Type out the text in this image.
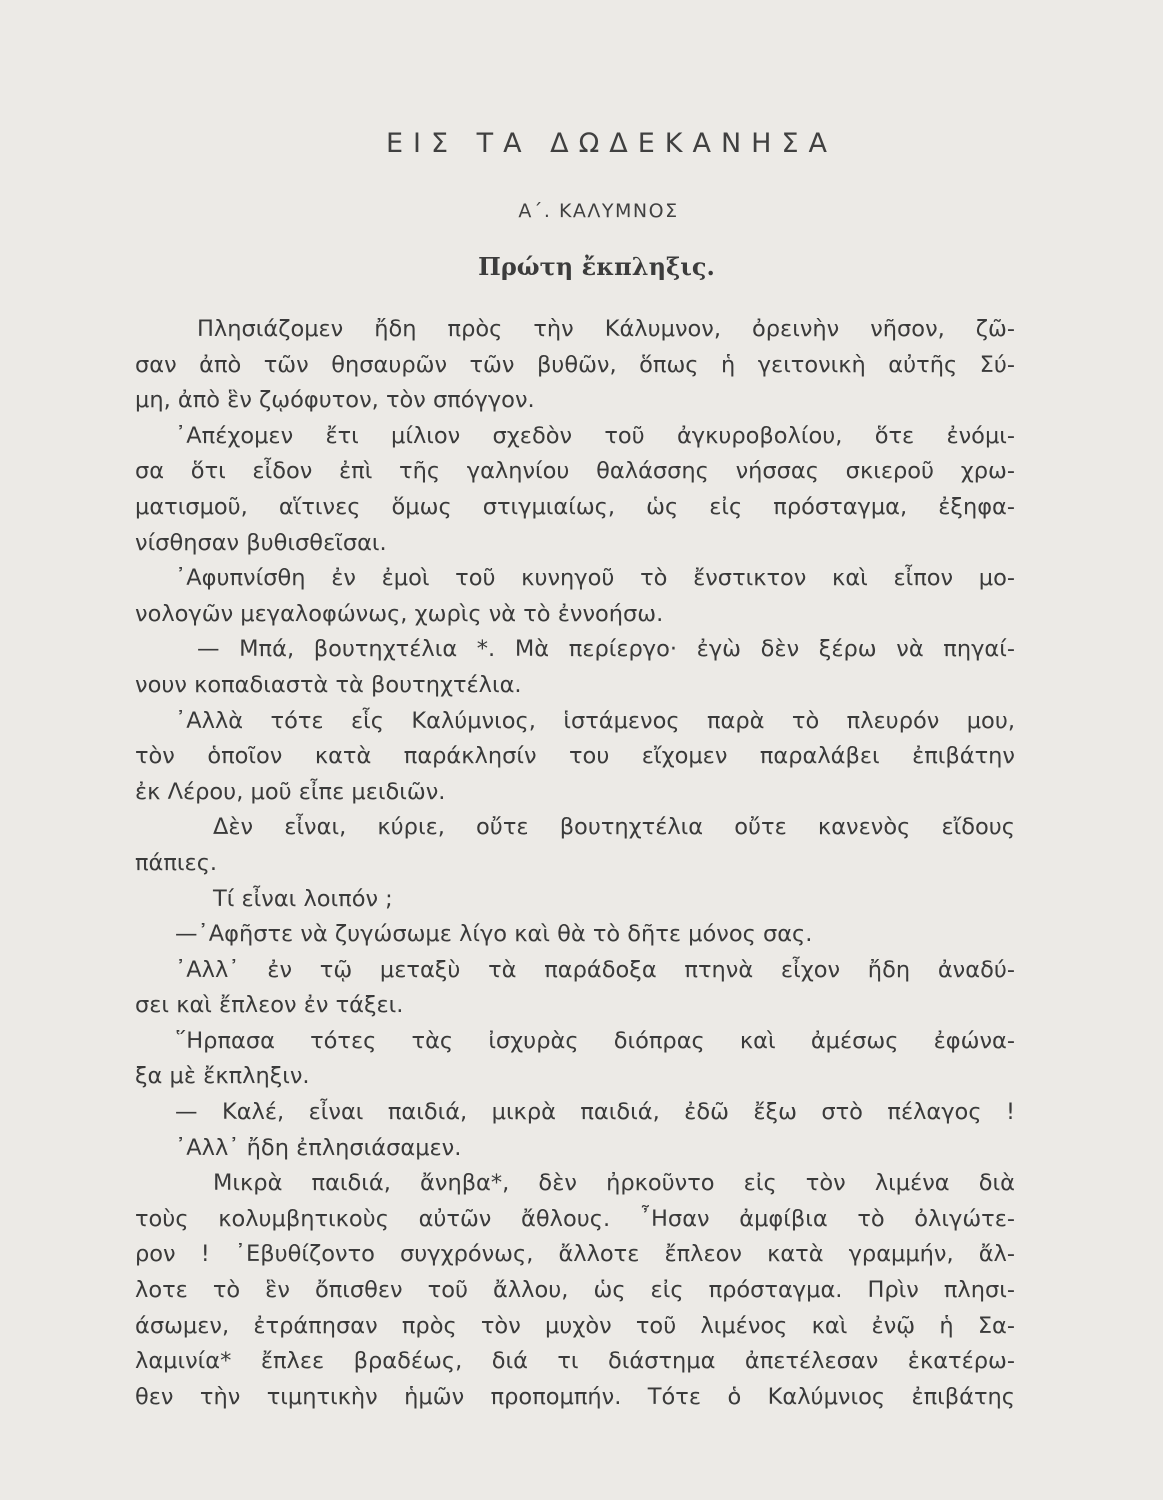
ΕΙΣ ΤΑ ΔΩΔΕΚΑΝΗΣΑ
Α΄. ΚΑΛΥΜΝΟΣ
Πρώτη ἔκπληξις.
Πλησιάζομεν ἤδη πρὸς τὴν Κάλυμνον, ὀρεινὴν νῆσον, ζῶ-
σαν ἀπὸ τῶν θησαυρῶν τῶν βυθῶν, ὅπως ἡ γειτονικὴ αὐτῆς Σύ-
μη, ἀπὸ ἓν ζῳόφυτον, τὸν σπόγγον.
᾿Απέχομεν ἔτι μίλιον σχεδὸν τοῦ ἀγκυροβολίου, ὅτε ἐνόμι-
σα ὅτι εἶδον ἐπὶ τῆς γαληνίου θαλάσσης νήσσας σκιεροῦ χρω-
ματισμοῦ, αἵτινες ὅμως στιγμιαίως, ὡς εἰς πρόσταγμα, ἐξηφα-
νίσθησαν βυθισθεῖσαι.
᾿Αφυπνίσθη ἐν ἐμοὶ τοῦ κυνηγοῦ τὸ ἔνστικτον καὶ εἶπον μο-
νολογῶν μεγαλοφώνως, χωρὶς νὰ τὸ ἐννοήσω.
— Μπά, βουτηχτέλια *. Μὰ περίεργο· ἐγὼ δὲν ξέρω νὰ πηγαί-
νουν κοπαδιαστὰ τὰ βουτηχτέλια.
᾿Αλλὰ τότε εἷς Καλύμνιος, ἱστάμενος παρὰ τὸ πλευρόν μου,
τὸν ὁποῖον κατὰ παράκλησίν του εἴχομεν παραλάβει ἐπιβάτην
ἐκ Λέρου, μοῦ εἶπε μειδιῶν.
Δὲν εἶναι, κύριε, οὔτε βουτηχτέλια οὔτε κανενὸς εἴδους
πάπιες.
Τί εἶναι λοιπόν ;
—᾿Αφῆστε νὰ ζυγώσωμε λίγο καὶ θὰ τὸ δῆτε μόνος σας.
᾿Αλλ᾿ ἐν τῷ μεταξὺ τὰ παράδοξα πτηνὰ εἶχον ἤδη ἀναδύ-
σει καὶ ἔπλεον ἐν τάξει.
῞Ηρπασα τότες τὰς ἰσχυρὰς διόπρας καὶ ἀμέσως ἐφώνα-
ξα μὲ ἔκπληξιν.
— Καλέ, εἶναι παιδιά, μικρὰ παιδιά, ἐδῶ ἔξω στὸ πέλαγος !
᾿Αλλ᾿ ἤδη ἐπλησιάσαμεν.
Μικρὰ παιδιά, ἄνηβα*, δὲν ἠρκοῦντο εἰς τὸν λιμένα διὰ
τοὺς κολυμβητικοὺς αὐτῶν ἄθλους. ῏Ησαν ἀμφίβια τὸ ὀλιγώτε-
ρον ! ᾿Εβυθίζοντο συγχρόνως, ἄλλοτε ἔπλεον κατὰ γραμμήν, ἄλ-
λοτε τὸ ἓν ὄπισθεν τοῦ ἄλλου, ὡς εἰς πρόσταγμα. Πρὶν πλησι-
άσωμεν, ἐτράπησαν πρὸς τὸν μυχὸν τοῦ λιμένος καὶ ἐνῷ ἡ Σα-
λαμινία* ἔπλεε βραδέως, διά τι διάστημα ἀπετέλεσαν ἑκατέρω-
θεν τὴν τιμητικὴν ἡμῶν προπομπήν. Τότε ὁ Καλύμνιος ἐπιβάτης
